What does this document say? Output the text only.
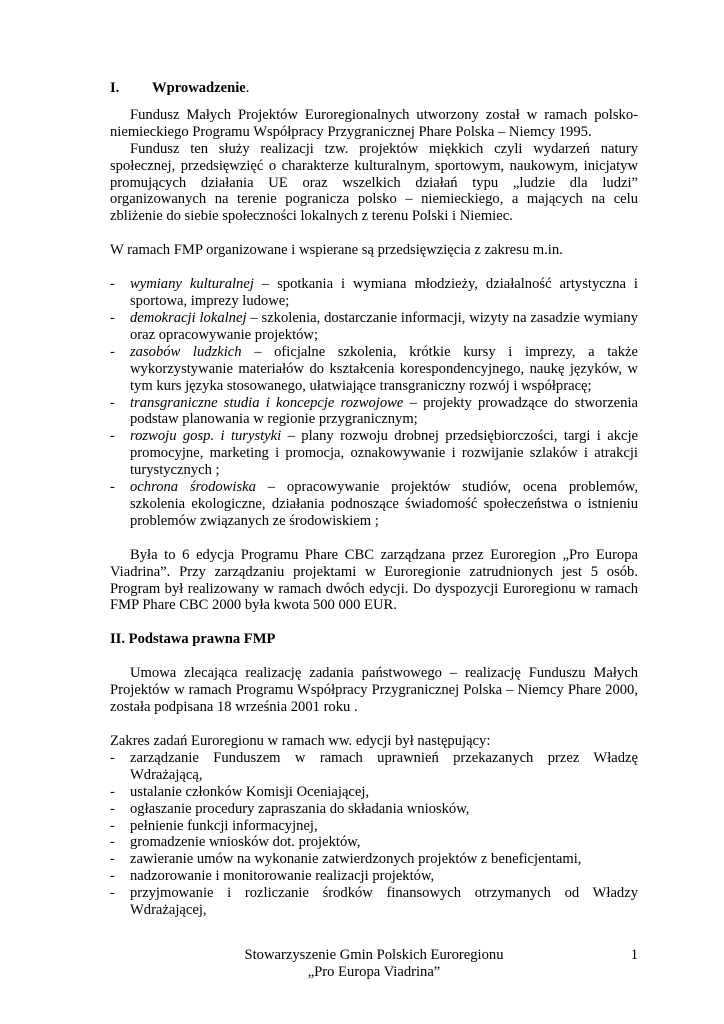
I. Wprowadzenie.

Fundusz Małych Projektów Euroregionalnych utworzony został w ramach polsko-niemieckiego Programu Współpracy Przygranicznej Phare Polska – Niemcy 1995.

Fundusz ten służy realizacji tzw. projektów miękkich czyli wydarzeń natury społecznej, przedsięwzięć o charakterze kulturalnym, sportowym, naukowym, inicjatyw promujących działania UE oraz wszelkich działań typu „ludzie dla ludzi” organizowanych na terenie pogranicza polsko – niemieckiego, a mających na celu zbliżenie do siebie społeczności lokalnych z terenu Polski i Niemiec.

W ramach FMP organizowane i wspierane są przedsięwzięcia z zakresu m.in.

- wymiany kulturalnej – spotkania i wymiana młodzieży, działalność artystyczna i sportowa, imprezy ludowe;
- demokracji lokalnej – szkolenia, dostarczanie informacji, wizyty na zasadzie wymiany oraz opracowywanie projektów;
- zasobów ludzkich – oficjalne szkolenia, krótkie kursy i imprezy, a także wykorzystywanie materiałów do kształcenia korespondencyjnego, naukę języków, w tym kurs języka stosowanego, ułatwiające transgraniczny rozwój i współpracę;
- transgraniczne studia i koncepcje rozwojowe – projekty prowadzące do stworzenia podstaw planowania w regionie przygranicznym;
- rozwoju gosp. i turystyki – plany rozwoju drobnej przedsiębiorczości, targi i akcje promocyjne, marketing i promocja, oznakowywanie i rozwijanie szlaków i atrakcji turystycznych ;
- ochrona środowiska – opracowywanie projektów studiów, ocena problemów, szkolenia ekologiczne, działania podnoszące świadomość społeczeństwa o istnieniu problemów związanych ze środowiskiem ;

Była to 6 edycja Programu Phare CBC zarządzana przez Euroregion „Pro Europa Viadrina”. Przy zarządzaniu projektami w Euroregionie zatrudnionych jest 5 osób. Program był realizowany w ramach dwóch edycji. Do dyspozycji Euroregionu w ramach FMP Phare CBC 2000 była kwota 500 000 EUR.

II. Podstawa prawna FMP

Umowa zlecająca realizację zadania państwowego – realizację Funduszu Małych Projektów w ramach Programu Współpracy Przygranicznej Polska – Niemcy Phare 2000, została podpisana 18 września 2001 roku .

Zakres zadań Euroregionu w ramach ww. edycji był następujący:

- zarządzanie Funduszem w ramach uprawnień przekazanych przez Władzę Wdrażającą,
- ustalanie członków Komisji Oceniającej,
- ogłaszanie procedury zapraszania do składania wniosków,
- pełnienie funkcji informacyjnej,
- gromadzenie wniosków dot. projektów,
- zawieranie umów na wykonanie zatwierdzonych projektów z beneficjentami,
- nadzorowanie i monitorowanie realizacji projektów,
- przyjmowanie i rozliczanie środków finansowych otrzymanych od Władzy Wdrażającej,
Stowarzyszenie Gmin Polskich Euroregionu
„Pro Europa Viadrina”
1
